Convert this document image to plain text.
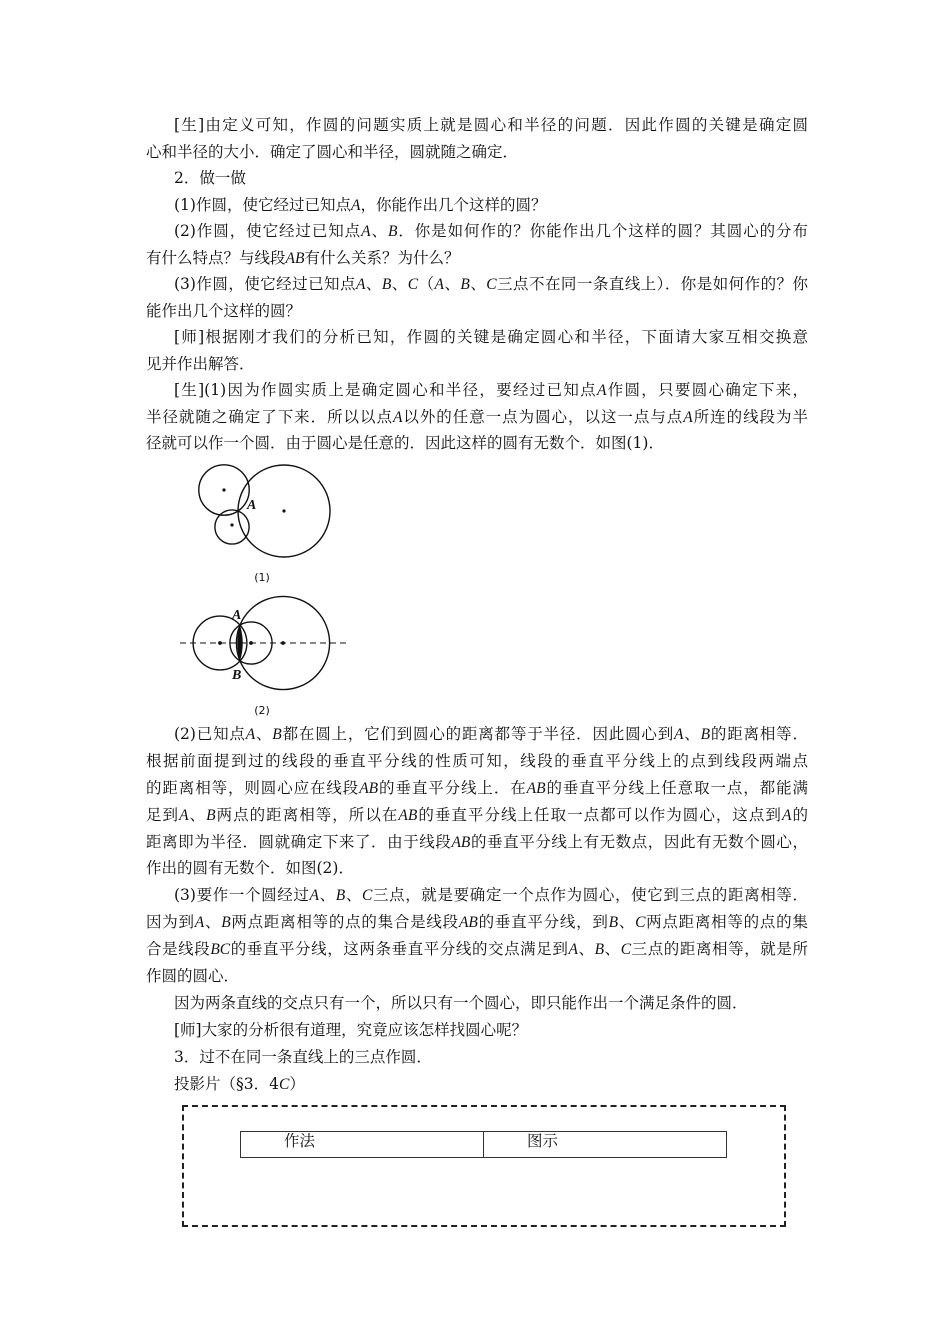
[生]由定义可知，作圆的问题实质上就是圆心和半径的问题．因此作圆的关键是确定圆
心和半径的大小．确定了圆心和半径，圆就随之确定．
2．做一做
(1)作圆，使它经过已知点A，你能作出几个这样的圆？
(2)作圆，使它经过已知点A、B．你是如何作的？你能作出几个这样的圆？其圆心的分布
有什么特点？与线段AB有什么关系？为什么？
(3)作圆，使它经过已知点A、B、C（A、B、C三点不在同一条直线上）．你是如何作的？你
能作出几个这样的圆？
[师]根据刚才我们的分析已知，作圆的关键是确定圆心和半径，下面请大家互相交换意
见并作出解答．
[生](1)因为作圆实质上是确定圆心和半径，要经过已知点A作圆，只要圆心确定下来，
半径就随之确定了下来．所以以点A以外的任意一点为圆心，以这一点与点A所连的线段为半
径就可以作一个圆．由于圆心是任意的．因此这样的圆有无数个．如图(1)．
A
(1)
A
B
(2)
(2)已知点A、B都在圆上，它们到圆心的距离都等于半径．因此圆心到A、B的距离相等．
根据前面提到过的线段的垂直平分线的性质可知，线段的垂直平分线上的点到线段两端点
的距离相等，则圆心应在线段AB的垂直平分线上．在AB的垂直平分线上任意取一点，都能满
足到A、B两点的距离相等，所以在AB的垂直平分线上任取一点都可以作为圆心，这点到A的
距离即为半径．圆就确定下来了．由于线段AB的垂直平分线上有无数点，因此有无数个圆心，
作出的圆有无数个．如图(2)．
(3)要作一个圆经过A、B、C三点，就是要确定一个点作为圆心，使它到三点的距离相等．
因为到A、B两点距离相等的点的集合是线段AB的垂直平分线，到B、C两点距离相等的点的集
合是线段BC的垂直平分线，这两条垂直平分线的交点满足到A、B、C三点的距离相等，就是所
作圆的圆心．
因为两条直线的交点只有一个，所以只有一个圆心，即只能作出一个满足条件的圆．
[师]大家的分析很有道理，究竟应该怎样找圆心呢？
3．过不在同一条直线上的三点作圆．
投影片（§3．4C）
作法	图示
